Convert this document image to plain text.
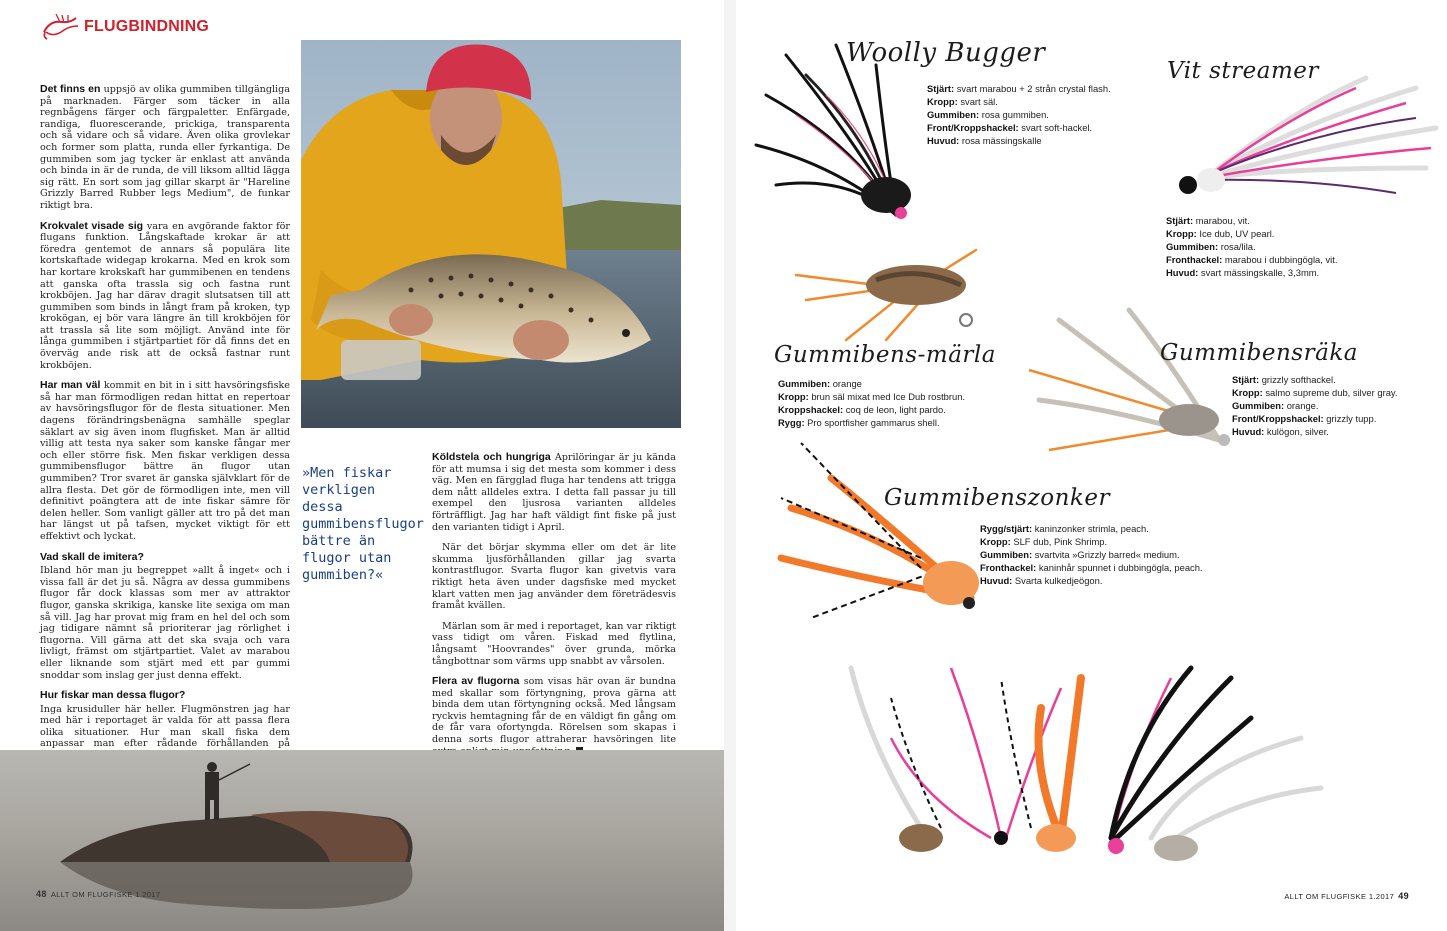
FLUGBINDNING

Det finns en uppsjö av olika gummiben tillgängliga på marknaden. Färger som täcker in alla regnbågens färger och färgpaletter. Enfärgade, randiga, fluorescerande, prickiga, transparenta och så vidare och så vidare. Även olika grovlekar och former som platta, runda eller fyrkantiga. De gummiben som jag tycker är enklast att använda och binda in är de runda, de vill liksom alltid lägga sig rätt. En sort som jag gillar skarpt är "Hareline Grizzly Barred Rubber legs Medium", de funkar riktigt bra.

Krokvalet visade sig vara en avgörande faktor för flugans funktion. Långskaftade krokar är att föredra gentemot de annars så populära lite kortskaftade widegap krokarna. Med en krok som har kortare krokskaft har gummibenen en tendens att ganska ofta trassla sig och fastna runt krokböjen. Jag har därav dragit slutsatsen till att gummiben som binds in långt fram på kroken, typ krokögan, ej bör vara längre än till krokböjen för att trassla så lite som möjligt. Använd inte för långa gummiben i stjärtpartiet för då finns det en överväg ande risk att de också fastnar runt krokböjen.

Har man väl kommit en bit in i sitt havsöringsfiske så har man förmodligen redan hittat en repertoar av havsöringsflugor för de flesta situationer. Men dagens förändringsbenägna samhälle speglar säklart av sig även inom flugfisket. Man är alltid villig att testa nya saker som kanske fångar mer och eller större fisk. Men fiskar verkligen dessa gummibensflugor bättre än flugor utan gummiben? Tror svaret är ganska självklart för de allra flesta. Det gör de förmodligen inte, men vill definitivt poängtera att de inte fiskar sämre för delen heller. Som vanligt gäller att tro på det man har längst ut på tafsen, mycket viktigt för ett effektivt och lyckat.

Vad skall de imitera?
Ibland hör man ju begreppet »allt å inget« och i vissa fall är det ju så. Några av dessa gummibens flugor får dock klassas som mer av attraktor flugor, ganska skrikiga, kanske lite sexiga om man så vill. Jag har provat mig fram en hel del och som jag tidigare nämnt så prioriterar jag rörlighet i flugorna. Vill gärna att det ska svaja och vara livligt, främst om stjärtpartiet. Valet av marabou eller liknande som stjärt med ett par gummi snoddar som inslag ger just denna effekt.

Hur fiskar man dessa flugor?
Inga krusiduller här heller. Flugmönstren jag har med här i reportaget är valda för att passa flera olika situationer. Hur man skall fiska dem anpassar man efter rådande förhållanden på

»Men fiskar verkligen dessa gummibensflugor bättre än flugor utan gummiben?«

Köldstela och hungriga Aprilöringar är ju kända för att mumsa i sig det mesta som kommer i dess väg. Men en färgglad fluga har tendens att trigga dem nått alldeles extra. I detta fall passar ju till exempel den ljusrosa varianten alldeles förträffligt. Jag har haft väldigt fint fiske på just den varianten tidigt i April.

När det börjar skymma eller om det är lite skumma ljusförhållanden gillar jag svarta kontrastflugor. Svarta flugor kan givetvis vara riktigt heta även under dagsfiske med mycket klart vatten men jag använder dem företrädesvis framåt kvällen.

Märlan som är med i reportaget, kan var riktigt vass tidigt om våren. Fiskad med flytlina, långsamt "Hoovrandes" över grunda, mörka tångbottnar som värms upp snabbt av vårsolen.

Flera av flugorna som visas här ovan är bundna med skallar som förtyngning, prova gärna att binda dem utan förtyngning också. Med långsam ryckvis hemtagning får de en väldigt fin gång om de får vara ofortyngda. Rörelsen som skapas i denna sorts flugor attraherar havsöringen lite

48 ALLT OM FLUGFISKE 1.2017
Woolly Bugger
Stjärt: svart marabou + 2 strån crystal flash.
Kropp: svart säl.
Gummiben: rosa gummiben.
Front/Kroppshackel: svart soft-hackel.
Huvud: rosa mässingskalle
Vit streamer
Stjärt: marabou, vit.
Kropp: Ice dub, UV pearl.
Gummiben: rosa/lila.
Fronthackel: marabou i dubbingögla, vit.
Huvud: svart mässingskalle, 3,3mm.
Gummibens-märla
Gummiben: orange
Kropp: brun säl mixat med Ice Dub rostbrun.
Kroppshackel: coq de leon, light pardo.
Rygg: Pro sportfisher gammarus shell.
Gummibensräka
Stjärt: grizzly softhackel.
Kropp: salmo supreme dub, silver gray.
Gummiben: orange.
Front/Kroppshackel: grizzly tupp.
Huvud: kulögon, silver.
Gummibenszonker
Rygg/stjärt: kaninzonker strimla, peach.
Kropp: SLF dub, Pink Shrimp.
Gummiben: svartvita »Grizzly barred« medium.
Fronthackel: kaninhår spunnet i dubbingögla, peach.
Huvud: Svarta kulkedjeögon.
ALLT OM FLUGFISKE 1.2017 49
